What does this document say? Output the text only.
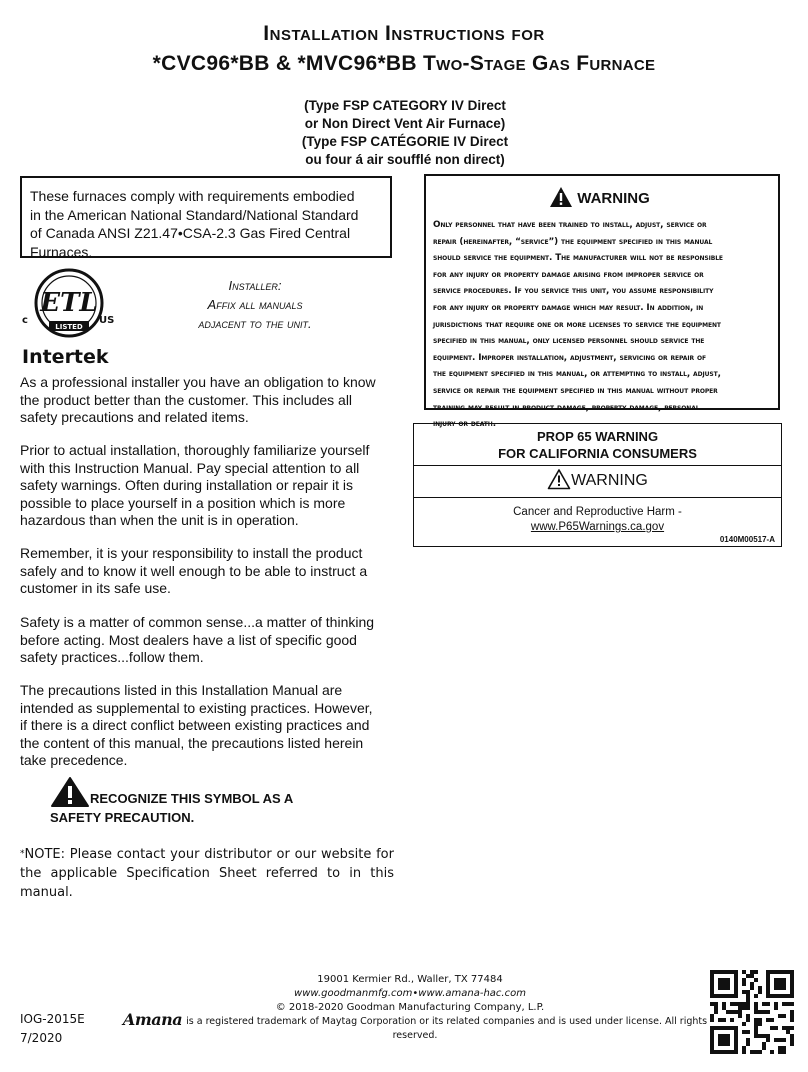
Installation Instructions for
*CVC96*BB & *MVC96*BB Two-Stage Gas Furnace
(Type FSP CATEGORY IV Direct
or Non Direct Vent Air Furnace)
(Type FSP CATÉGORIE IV Direct
ou four á air soufflé non direct)
These furnaces comply with requirements embodied
in the American National Standard/National Standard
of Canada ANSI Z21.47•CSA-2.3 Gas Fired Central
Furnaces.
ETL
LISTED
c	US
Intertek
Installer:
Affix all manuals
adjacent to the unit.
As a professional installer you have an obligation to know
the product better than the customer. This includes all
safety precautions and related items.
Prior to actual installation, thoroughly familiarize yourself
with this Instruction Manual. Pay special attention to all
safety warnings. Often during installation or repair it is
possible to place yourself in a position which is more
hazardous than when the unit is in operation.
Remember, it is your responsibility to install the product
safely and to know it well enough to be able to instruct a
customer in its safe use.
Safety is a matter of common sense...a matter of thinking
before acting. Most dealers have a list of specific good
safety practices...follow them.
The precautions listed in this Installation Manual are
intended as supplemental to existing practices. However,
if there is a direct conflict between existing practices and
the content of this manual, the precautions listed herein
take precedence.
RECOGNIZE THIS SYMBOL AS A
SAFETY PRECAUTION.
*NOTE: Please contact your distributor or our website for the applicable Specification Sheet referred to in this manual.
WARNING
Only personnel that have been trained to install, adjust, service or
repair (hereinafter, “service”) the equipment specified in this manual
should service the equipment. The manufacturer will not be responsible
for any injury or property damage arising from improper service or
service procedures. If you service this unit, you assume responsibility
for any injury or property damage which may result. In addition, in
jurisdictions that require one or more licenses to service the equipment
specified in this manual, only licensed personnel should service the
equipment. Improper installation, adjustment, servicing or repair of
the equipment specified in this manual, or attempting to install, adjust,
service or repair the equipment specified in this manual without proper
training may result in product damage, property damage, personal
injury or death.
PROP 65 WARNING
FOR CALIFORNIA CONSUMERS
WARNING
Cancer and Reproductive Harm -
www.P65Warnings.ca.gov
0140M00517-A
19001 Kermier Rd., Waller, TX 77484
www.goodmanmfg.com•www.amana-hac.com
© 2018-2020 Goodman Manufacturing Company, L.P.
IOG-2015E
7/2020
Amana is a registered trademark of Maytag Corporation or its related companies and is used under license. All rights reserved.
